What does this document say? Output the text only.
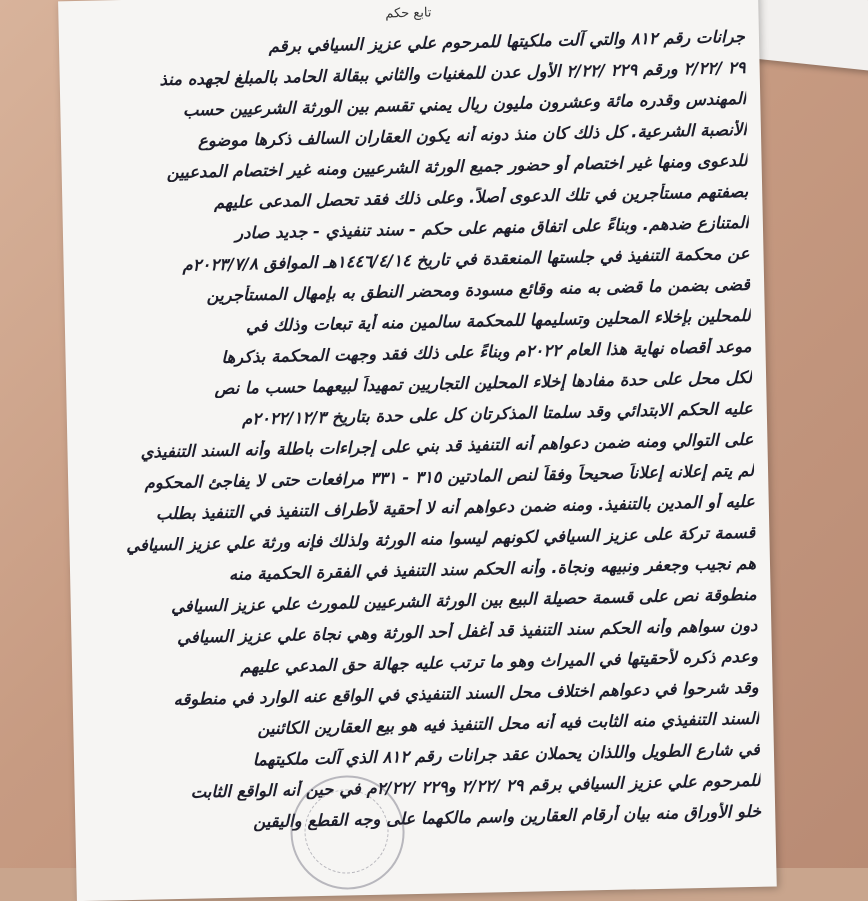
تابع حكم
جرانات رقم ٨١٢ والتي آلت ملكيتها للمرحوم علي عزيز السيافي برقم
٢٩ /٢/٢٢ ورقم ٢٢٩ /٢/٢٢ الأول عدن للمغنيات والثاني ببقالة الحامد بالمبلغ لجهده منذ
المهندس وقدره مائة وعشرون مليون ريال يمني تقسم بين الورثة الشرعيين حسب
الأنصبة الشرعية. كل ذلك كان منذ دونه أنه يكون العقاران السالف ذكرها موضوع
للدعوى ومنها غير اختصام أو حضور جميع الورثة الشرعيين ومنه غير اختصام المدعيين
بصفتهم مستأجرين في تلك الدعوى أصلاً. وعلى ذلك فقد تحصل المدعى عليهم
المتنازع ضدهم. وبناءً على اتفاق منهم على حكم - سند تنفيذي - جديد صادر
عن محكمة التنفيذ في جلستها المنعقدة في تاريخ ١٤٤٦/٤/١٤هـ الموافق ٢٠٢٣/٧/٨م
قضى بضمن ما قضى به منه وقائع مسودة ومحضر النطق به بإمهال المستأجرين
للمحلين بإخلاء المحلين وتسليمها للمحكمة سالمين منه أية تبعات وذلك في
موعد أقصاه نهاية هذا العام ٢٠٢٢م وبناءً على ذلك فقد وجهت المحكمة بذكرها
لكل محل على حدة مفادها إخلاء المحلين التجاريين تمهيداً لبيعهما حسب ما نص
عليه الحكم الابتدائي وقد سلمتا المذكرتان كل على حدة بتاريخ ٢٠٢٢/١٢/٣م
على التوالي ومنه ضمن دعواهم أنه التنفيذ قد بني على إجراءات باطلة وأنه السند التنفيذي
لم يتم إعلانه إعلاناً صحيحاً وفقاً لنص المادتين ٣١٥ - ٣٣١ مرافعات حتى لا يفاجئ المحكوم
عليه أو المدين بالتنفيذ. ومنه ضمن دعواهم أنه لا أحقية لأطراف التنفيذ في التنفيذ بطلب
قسمة تركة على عزيز السيافي لكونهم ليسوا منه الورثة ولذلك فإنه ورثة علي عزيز السيافي
هم نجيب وجعفر ونبيهه ونجاة. وأنه الحكم سند التنفيذ في الفقرة الحكمية منه
منطوقة نص على قسمة حصيلة البيع بين الورثة الشرعيين للمورث علي عزيز السيافي
دون سواهم وأنه الحكم سند التنفيذ قد أغفل أحد الورثة وهي نجاة علي عزيز السيافي
وعدم ذكره لأحقيتها في الميراث وهو ما ترتب عليه جهالة حق المدعي عليهم
وقد شرحوا في دعواهم اختلاف محل السند التنفيذي في الواقع عنه الوارد في منطوقه
السند التنفيذي منه الثابت فيه أنه محل التنفيذ فيه هو بيع العقارين الكائنين
في شارع الطويل واللذان يحملان عقد جرانات رقم ٨١٢ الذي آلت ملكيتهما
للمرحوم علي عزيز السيافي برقم ٢٩ /٢/٢٢ و٢٢٩ /٢/٢٢م في حين أنه الواقع الثابت
خلو الأوراق منه بيان أرقام العقارين واسم مالكهما على وجه القطع واليقين
